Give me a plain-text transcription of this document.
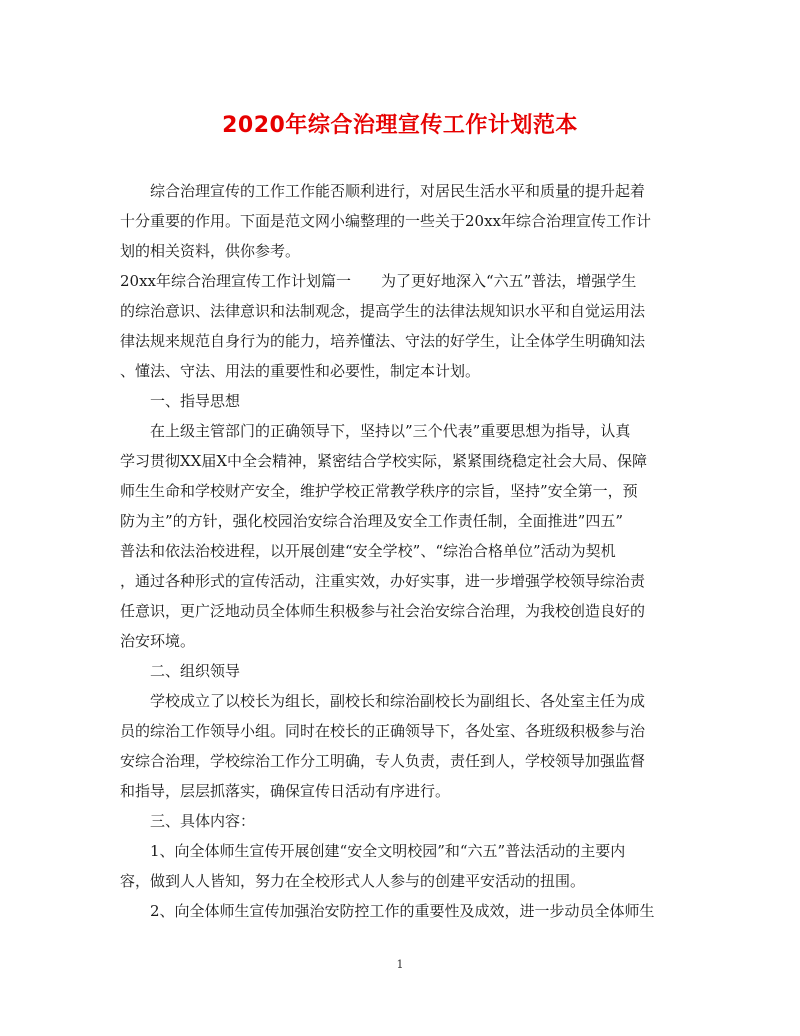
2020年综合治理宣传工作计划范本
综合治理宣传的工作工作能否顺利进行，对居民生活水平和质量的提升起着
十分重要的作用。下面是范文网小编整理的一些关于20xx年综合治理宣传工作计
划的相关资料，供你参考。
20xx年综合治理宣传工作计划篇一　　为了更好地深入“六五”普法，增强学生
的综治意识、法律意识和法制观念，提高学生的法律法规知识水平和自觉运用法
律法规来规范自身行为的能力，培养懂法、守法的好学生，让全体学生明确知法
、懂法、守法、用法的重要性和必要性，制定本计划。
一、指导思想
在上级主管部门的正确领导下，坚持以”三个代表”重要思想为指导，认真
学习贯彻XX届X中全会精神，紧密结合学校实际，紧紧围绕稳定社会大局、保障
师生生命和学校财产安全，维护学校正常教学秩序的宗旨，坚持”安全第一，预
防为主”的方针，强化校园治安综合治理及安全工作责任制，全面推进”四五”
普法和依法治校进程，以开展创建“安全学校”、“综治合格单位”活动为契机
，通过各种形式的宣传活动，注重实效，办好实事，进一步增强学校领导综治责
任意识，更广泛地动员全体师生积极参与社会治安综合治理，为我校创造良好的
治安环境。
二、组织领导
学校成立了以校长为组长，副校长和综治副校长为副组长、各处室主任为成
员的综治工作领导小组。同时在校长的正确领导下，各处室、各班级积极参与治
安综合治理，学校综治工作分工明确，专人负责，责任到人，学校领导加强监督
和指导，层层抓落实，确保宣传日活动有序进行。
三、具体内容：
1、向全体师生宣传开展创建“安全文明校园”和“六五”普法活动的主要内
容，做到人人皆知，努力在全校形式人人参与的创建平安活动的扭围。
2、向全体师生宣传加强治安防控工作的重要性及成效，进一步动员全体师生
1
